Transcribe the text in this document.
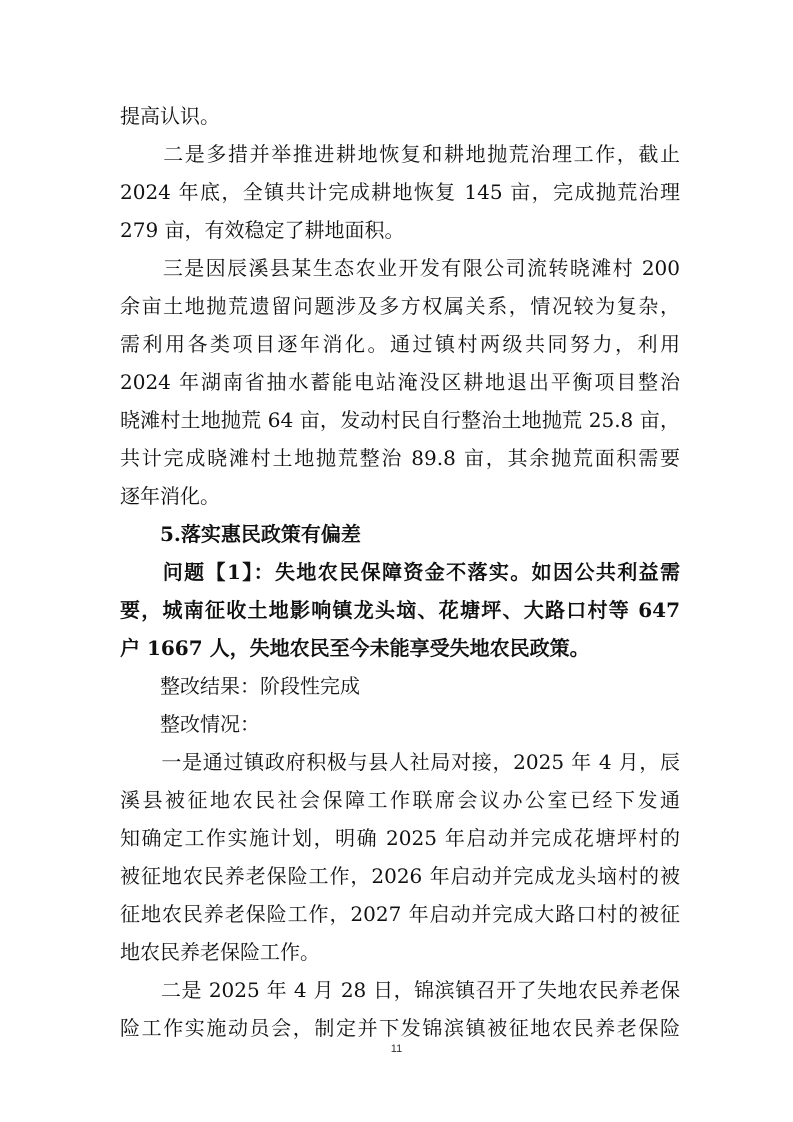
提高认识。
　　二是多措并举推进耕地恢复和耕地抛荒治理工作，截止
2024 年底，全镇共计完成耕地恢复 145 亩，完成抛荒治理
279 亩，有效稳定了耕地面积。
　　三是因辰溪县某生态农业开发有限公司流转晓滩村 200
余亩土地抛荒遗留问题涉及多方权属关系，情况较为复杂，
需利用各类项目逐年消化。通过镇村两级共同努力，利用
2024 年湖南省抽水蓄能电站淹没区耕地退出平衡项目整治
晓滩村土地抛荒 64 亩，发动村民自行整治土地抛荒 25.8 亩，
共计完成晓滩村土地抛荒整治 89.8 亩，其余抛荒面积需要
逐年消化。
　　5.落实惠民政策有偏差
　　问题【1】：失地农民保障资金不落实。如因公共利益需
要，城南征收土地影响镇龙头垴、花塘坪、大路口村等 647
户 1667 人，失地农民至今未能享受失地农民政策。
　　整改结果：阶段性完成
　　整改情况：
　　一是通过镇政府积极与县人社局对接，2025 年 4 月，辰
溪县被征地农民社会保障工作联席会议办公室已经下发通
知确定工作实施计划，明确 2025 年启动并完成花塘坪村的
被征地农民养老保险工作，2026 年启动并完成龙头垴村的被
征地农民养老保险工作，2027 年启动并完成大路口村的被征
地农民养老保险工作。
　　二是 2025 年 4 月 28 日，锦滨镇召开了失地农民养老保
险工作实施动员会，制定并下发锦滨镇被征地农民养老保险
11
